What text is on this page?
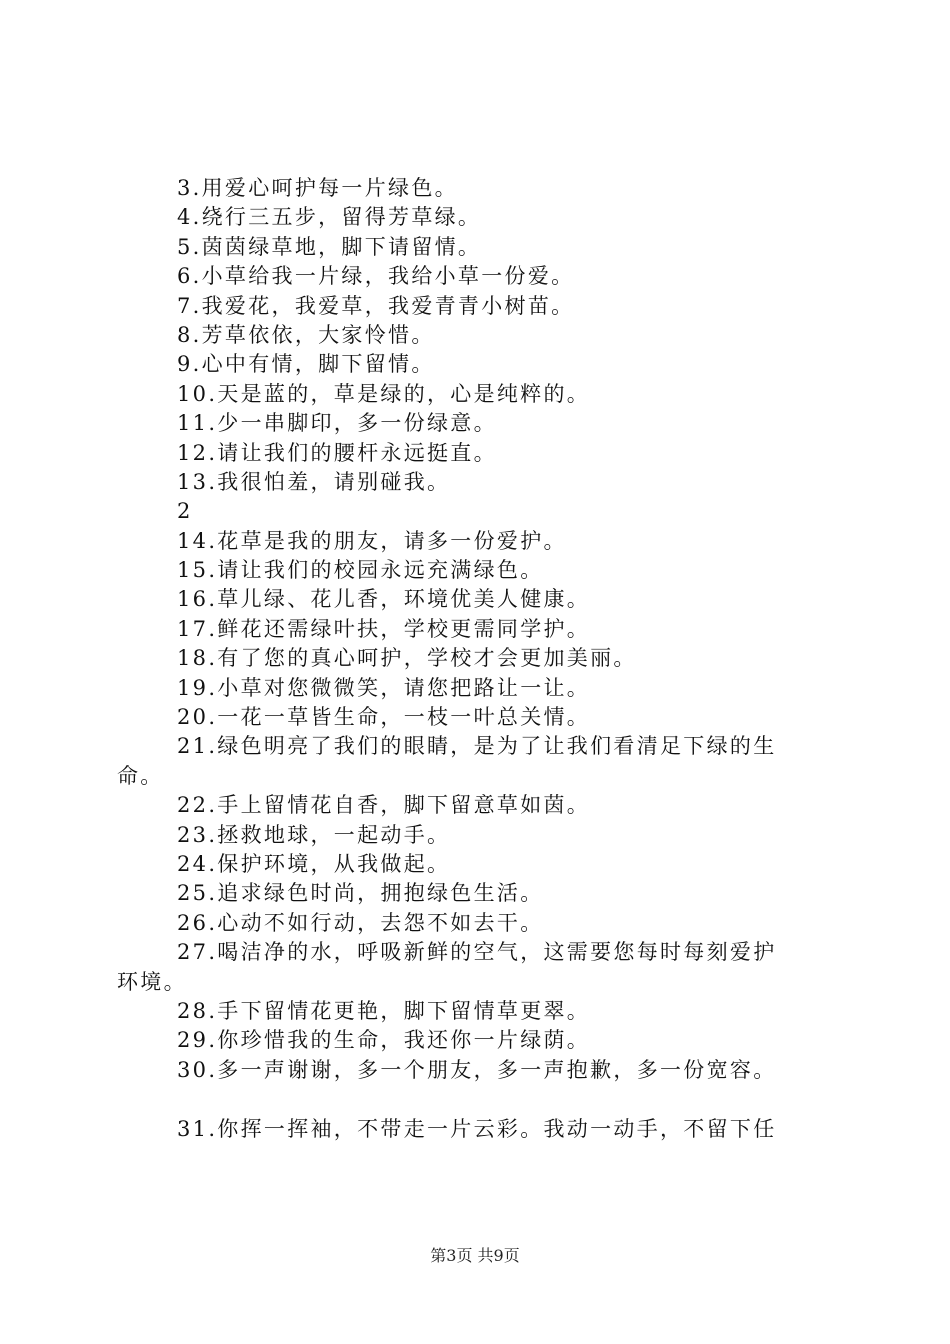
3.用爱心呵护每一片绿色。
4.绕行三五步，留得芳草绿。
5.茵茵绿草地，脚下请留情。
6.小草给我一片绿，我给小草一份爱。
7.我爱花，我爱草，我爱青青小树苗。
8.芳草依依，大家怜惜。
9.心中有情，脚下留情。
10.天是蓝的，草是绿的，心是纯粹的。
11.少一串脚印，多一份绿意。
12.请让我们的腰杆永远挺直。
13.我很怕羞，请别碰我。
2
14.花草是我的朋友，请多一份爱护。
15.请让我们的校园永远充满绿色。
16.草儿绿、花儿香，环境优美人健康。
17.鲜花还需绿叶扶，学校更需同学护。
18.有了您的真心呵护，学校才会更加美丽。
19.小草对您微微笑，请您把路让一让。
20.一花一草皆生命，一枝一叶总关情。
21.绿色明亮了我们的眼睛，是为了让我们看清足下绿的生
命。
22.手上留情花自香，脚下留意草如茵。
23.拯救地球，一起动手。
24.保护环境，从我做起。
25.追求绿色时尚，拥抱绿色生活。
26.心动不如行动，去怨不如去干。
27.喝洁净的水，呼吸新鲜的空气，这需要您每时每刻爱护
环境。
28.手下留情花更艳，脚下留情草更翠。
29.你珍惜我的生命，我还你一片绿荫。
30.多一声谢谢，多一个朋友，多一声抱歉，多一份宽容。
31.你挥一挥袖，不带走一片云彩。我动一动手，不留下任
第3页 共9页
